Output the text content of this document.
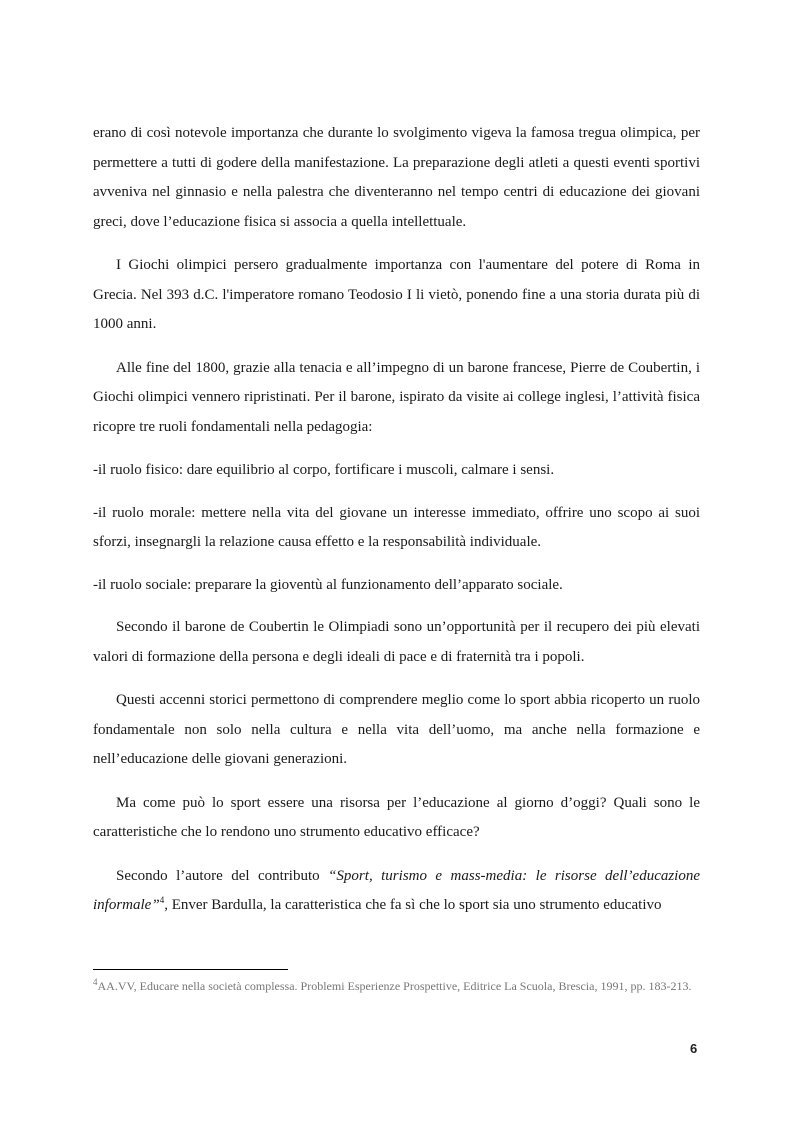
erano di così notevole importanza che durante lo svolgimento vigeva la famosa tregua olimpica, per permettere a tutti di godere della manifestazione. La preparazione degli atleti a questi eventi sportivi avveniva nel ginnasio e nella palestra che diventeranno nel tempo centri di educazione dei giovani greci, dove l’educazione fisica si associa a quella intellettuale.

I Giochi olimpici persero gradualmente importanza con l'aumentare del potere di Roma in Grecia. Nel 393 d.C. l'imperatore romano Teodosio I li vietò, ponendo fine a una storia durata più di 1000 anni.

Alle fine del 1800, grazie alla tenacia e all’impegno di un barone francese, Pierre de Coubertin, i Giochi olimpici vennero ripristinati. Per il barone, ispirato da visite ai college inglesi, l’attività fisica ricopre tre ruoli fondamentali nella pedagogia:

-il ruolo fisico: dare equilibrio al corpo, fortificare i muscoli, calmare i sensi.

-il ruolo morale: mettere nella vita del giovane un interesse immediato, offrire uno scopo ai suoi sforzi, insegnargli la relazione causa effetto e la responsabilità individuale.

-il ruolo sociale: preparare la gioventù al funzionamento dell’apparato sociale.

Secondo il barone de Coubertin le Olimpiadi sono un’opportunità per il recupero dei più elevati valori di formazione della persona e degli ideali di pace e di fraternità tra i popoli.

Questi accenni storici permettono di comprendere meglio come lo sport abbia ricoperto un ruolo fondamentale non solo nella cultura e nella vita dell’uomo, ma anche nella formazione e nell’educazione delle giovani generazioni.

Ma come può lo sport essere una risorsa per l’educazione al giorno d’oggi? Quali sono le caratteristiche che lo rendono uno strumento educativo efficace?

Secondo l’autore del contributo “Sport, turismo e mass-media: le risorse dell’educazione informale”$^4$, Enver Bardulla, la caratteristica che fa sì che lo sport sia uno strumento educativo

$^4$AA.VV, Educare nella società complessa. Problemi Esperienze Prospettive, Editrice La Scuola, Brescia, 1991, pp. 183-213.
6
